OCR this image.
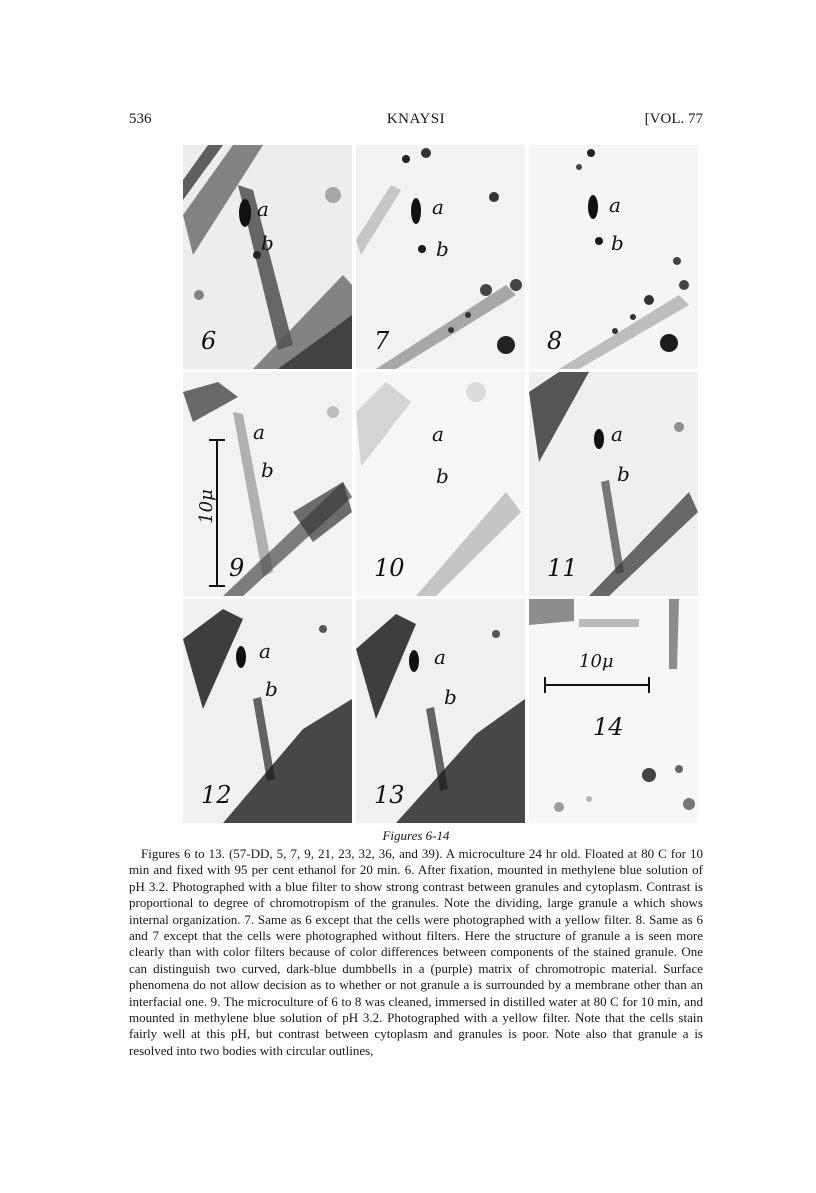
536	KNAYSI	[VOL. 77
a
b
6
a
b
7
a
b
8
10μ
a
b
9
a
b
10
a
b
11
a
b
12
a
b
13
10μ
14
Figures 6-14

Figures 6 to 13. (57-DD, 5, 7, 9, 21, 23, 32, 36, and 39). A microculture 24 hr old. Floated at 80 C for 10 min and fixed with 95 per cent ethanol for 20 min. 6. After fixation, mounted in methylene blue solution of pH 3.2. Photographed with a blue filter to show strong contrast between granules and cytoplasm. Contrast is proportional to degree of chromotropism of the granules. Note the dividing, large granule a which shows internal organization. 7. Same as 6 except that the cells were photographed with a yellow filter. 8. Same as 6 and 7 except that the cells were photographed without filters. Here the structure of granule a is seen more clearly than with color filters because of color differences between components of the stained granule. One can distinguish two curved, dark-blue dumbbells in a (purple) matrix of chromotropic material. Surface phenomena do not allow decision as to whether or not granule a is surrounded by a membrane other than an interfacial one. 9. The microculture of 6 to 8 was cleaned, immersed in distilled water at 80 C for 10 min, and mounted in methylene blue solution of pH 3.2. Photographed with a yellow filter. Note that the cells stain fairly well at this pH, but contrast between cytoplasm and granules is poor. Note also that granule a is resolved into two bodies with circular outlines,
